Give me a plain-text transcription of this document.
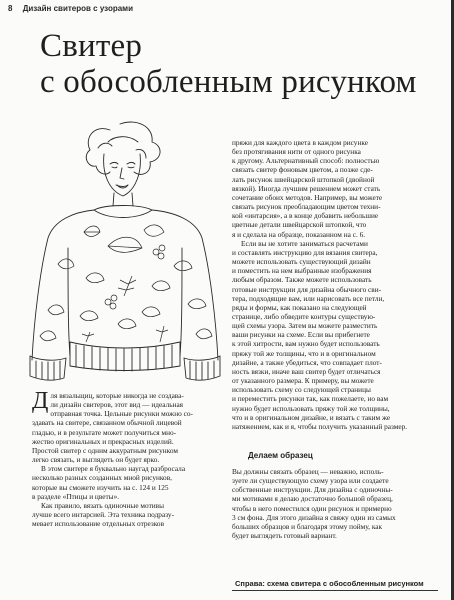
8 Дизайн свитеров с узорами
Свитер
с обособленным рисунком

пряжи для каждого цвета в каждом рисунке

без протягивания нити от одного рисунка

к другому. Альтернативный способ: полностью

связать свитер фоновым цветом, а позже сде-

лать рисунок швейцарской штопкой (двойной

вязкой). Иногда лучшим решением может стать

сочетание обоих методов. Например, вы можете

связать рисунок преобладающим цветом техни-

кой «интарсия», а в конце добавить небольшие

цветные детали швейцарской штопкой, что

я и сделала на образце, показанном на с. 6.

Если вы не хотите заниматься расчетами

и составлять инструкцию для вязания свитера,

можете использовать существующий дизайн

и поместить на нем выбранные изображения

любым образом. Также можете использовать

готовые инструкции для дизайна обычного сви-

тера, подходящие вам, или нарисовать все петли,

ряды и формы, как показано на следующей

странице, либо обведите контуры существую-

щей схемы узора. Затем вы можете разместить

ваши рисунки на схеме. Если вы прибегнете

к этой хитрости, вам нужно будет использовать

пряжу той же толщины, что и в оригинальном

дизайне, а также убедиться, что совпадает плот-

ность вязки, иначе ваш свитер будет отличаться

от указанного размера. К примеру, вы можете

использовать схему со следующей страницы

и переместить рисунки так, как пожелаете, но вам

нужно будет использовать пряжу той же толщины,

что и в оригинальном дизайне, и вязать с таким же

натяжением, как и я, чтобы получить указанный размер.

Для вязальщиц, которые никогда не создава-

ли дизайн свитеров, этот вид — идеальная

отправная точка. Цельные рисунки можно со-

здавать на свитере, связанном обычной лицевой

гладью, и в результате может получиться мно-

жество оригинальных и прекрасных изделий.

Простой свитер с одним аккуратным рисунком

легко связать, и выглядеть он будет ярко.

В этом свитере я буквально наугад разбросала

несколько разных созданных мной рисунков,

которые вы сможете изучить на с. 124 и 125

в разделе «Птицы и цветы».

Как правило, вязать одиночные мотивы

лучше всего интарсией. Эта техника подразу-

мевает использование отдельных отрезков

Делаем образец

Вы должны связать образец — неважно, исполь-

зуете ли существующую схему узора или создаете

собственные инструкции. Для дизайна с одиночны-

ми мотивами я делаю достаточно большой образец,

чтобы в него поместился один рисунок и примерно

3 см фона. Для этого дизайна я свяжу один из самых

больших образцов и благодаря этому пойму, как

будет выглядеть готовый вариант.

Справа: схема свитера с обособленным рисунком
